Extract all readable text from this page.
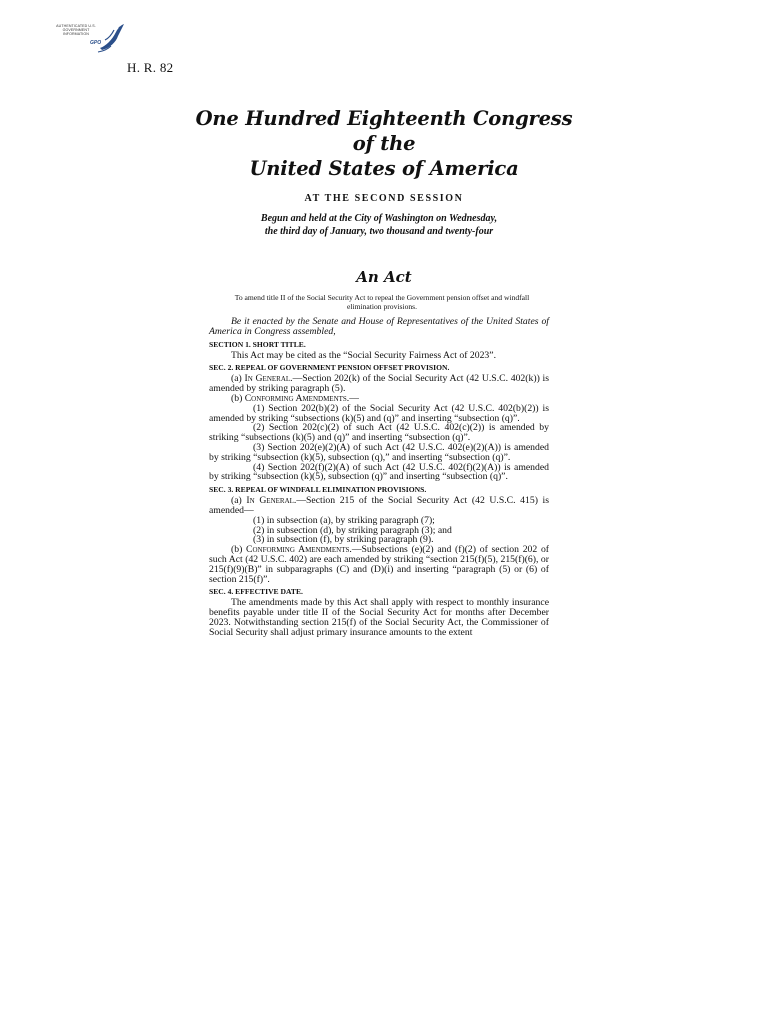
AUTHENTICATED U.S. GOVERNMENT INFORMATION
GPO
H. R. 82
One Hundred Eighteenth Congress
of the
United States of America
AT THE SECOND SESSION
Begun and held at the City of Washington on Wednesday,
the third day of January, two thousand and twenty-four
An Act
To amend title II of the Social Security Act to repeal the Government pension offset and windfall elimination provisions.

Be it enacted by the Senate and House of Representatives of the United States of America in Congress assembled,

SECTION 1. SHORT TITLE.

This Act may be cited as the “Social Security Fairness Act of 2023”.

SEC. 2. REPEAL OF GOVERNMENT PENSION OFFSET PROVISION.

(a) In General.—Section 202(k) of the Social Security Act (42 U.S.C. 402(k)) is amended by striking paragraph (5).

(b) Conforming Amendments.—

(1) Section 202(b)(2) of the Social Security Act (42 U.S.C. 402(b)(2)) is amended by striking “subsections (k)(5) and (q)” and inserting “subsection (q)”.

(2) Section 202(c)(2) of such Act (42 U.S.C. 402(c)(2)) is amended by striking “subsections (k)(5) and (q)” and inserting “subsection (q)”.

(3) Section 202(e)(2)(A) of such Act (42 U.S.C. 402(e)(2)(A)) is amended by striking “subsection (k)(5), subsection (q),” and inserting “subsection (q)”.

(4) Section 202(f)(2)(A) of such Act (42 U.S.C. 402(f)(2)(A)) is amended by striking “subsection (k)(5), subsection (q)” and inserting “subsection (q)”.

SEC. 3. REPEAL OF WINDFALL ELIMINATION PROVISIONS.

(a) In General.—Section 215 of the Social Security Act (42 U.S.C. 415) is amended—

(1) in subsection (a), by striking paragraph (7);

(2) in subsection (d), by striking paragraph (3); and

(3) in subsection (f), by striking paragraph (9).

(b) Conforming Amendments.—Subsections (e)(2) and (f)(2) of section 202 of such Act (42 U.S.C. 402) are each amended by striking “section 215(f)(5), 215(f)(6), or 215(f)(9)(B)” in subparagraphs (C) and (D)(i) and inserting “paragraph (5) or (6) of section 215(f)”.

SEC. 4. EFFECTIVE DATE.

The amendments made by this Act shall apply with respect to monthly insurance benefits payable under title II of the Social Security Act for months after December 2023. Notwithstanding section 215(f) of the Social Security Act, the Commissioner of Social Security shall adjust primary insurance amounts to the extent
